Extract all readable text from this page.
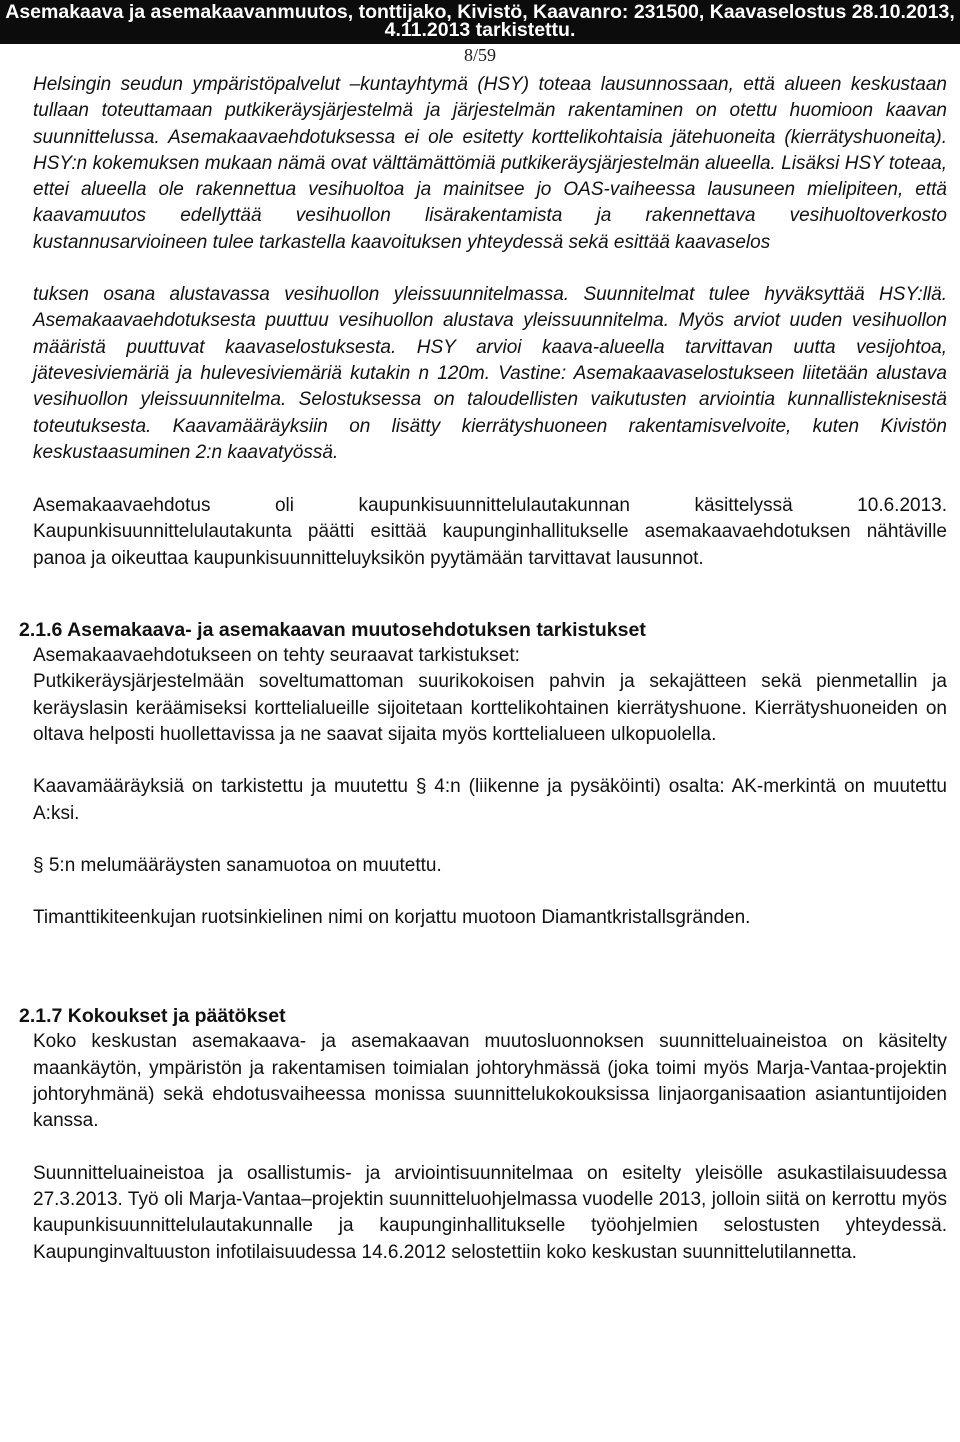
Asemakaava ja asemakaavanmuutos, tonttijako, Kivistö, Kaavanro: 231500, Kaavaselostus 28.10.2013,
4.11.2013 tarkistettu.
8/59

Helsingin seudun ympäristöpalvelut –kuntayhtymä (HSY) toteaa lausunnossaan, että alueen keskustaan tullaan toteuttamaan putkikeräysjärjestelmä ja järjestelmän rakentaminen on otettu huomioon kaavan suunnittelussa. Asemakaavaehdotuksessa ei ole esitetty korttelikohtaisia jätehuoneita (kierrätyshuoneita). HSY:n kokemuksen mukaan nämä ovat välttämättömiä putkikeräysjärjestelmän alueella. Lisäksi HSY toteaa, ettei alueella ole rakennettua vesihuoltoa ja mainitsee jo OAS-vaiheessa lausuneen mielipiteen, että kaavamuutos edellyttää vesihuollon lisärakentamista ja rakennettava vesihuoltoverkosto kustannusarvioineen tulee tarkastella kaavoituksen yhteydessä sekä esittää kaavaselos

tuksen osana alustavassa vesihuollon yleissuunnitelmassa. Suunnitelmat tulee hyväksyttää HSY:llä. Asemakaavaehdotuksesta puuttuu vesihuollon alustava yleissuunnitelma. Myös arviot uuden vesihuollon määristä puuttuvat kaavaselostuksesta. HSY arvioi kaava-alueella tarvittavan uutta vesijohtoa, jätevesiviemäriä ja hulevesiviemäriä kutakin n 120m. Vastine: Asemakaavaselostukseen liitetään alustava vesihuollon yleissuunnitelma. Selostuksessa on taloudellisten vaikutusten arviointia kunnallisteknisestä toteutuksesta. Kaavamääräyksiin on lisätty kierrätyshuoneen rakentamisvelvoite, kuten Kivistön keskustaasuminen 2:n kaavatyössä.

Asemakaavaehdotus oli kaupunkisuunnittelulautakunnan käsittelyssä 10.6.2013. Kaupunkisuunnittelulautakunta päätti esittää kaupunginhallitukselle asemakaavaehdotuksen nähtäville panoa ja oikeuttaa kaupunkisuunnitteluyksikön pyytämään tarvittavat lausunnot.

2.1.6 Asemakaava- ja asemakaavan muutosehdotuksen tarkistukset

Asemakaavaehdotukseen on tehty seuraavat tarkistukset:

Putkikeräysjärjestelmään soveltumattoman suurikokoisen pahvin ja sekajätteen sekä pienmetallin ja keräyslasin keräämiseksi korttelialueille sijoitetaan korttelikohtainen kierrätyshuone. Kierrätyshuoneiden on oltava helposti huollettavissa ja ne saavat sijaita myös korttelialueen ulkopuolella.

Kaavamääräyksiä on tarkistettu ja muutettu § 4:n (liikenne ja pysäköinti) osalta: AK-merkintä on muutettu A:ksi.

§ 5:n melumääräysten sanamuotoa on muutettu.

Timanttikiteenkujan ruotsinkielinen nimi on korjattu muotoon Diamantkristallsgränden.

2.1.7 Kokoukset ja päätökset

Koko keskustan asemakaava- ja asemakaavan muutosluonnoksen suunnitteluaineistoa on käsitelty maankäytön, ympäristön ja rakentamisen toimialan johtoryhmässä (joka toimi myös Marja-Vantaa-projektin johtoryhmänä) sekä ehdotusvaiheessa monissa suunnittelukokouksissa linjaorganisaation asiantuntijoiden kanssa.

Suunnitteluaineistoa ja osallistumis- ja arviointisuunnitelmaa on esitelty yleisölle asukastilaisuudessa 27.3.2013. Työ oli Marja-Vantaa–projektin suunnitteluohjelmassa vuodelle 2013, jolloin siitä on kerrottu myös kaupunkisuunnittelulautakunnalle ja kaupunginhallitukselle työohjelmien selostusten yhteydessä. Kaupunginvaltuuston infotilaisuudessa 14.6.2012 selostettiin koko keskustan suunnittelutilannetta.
